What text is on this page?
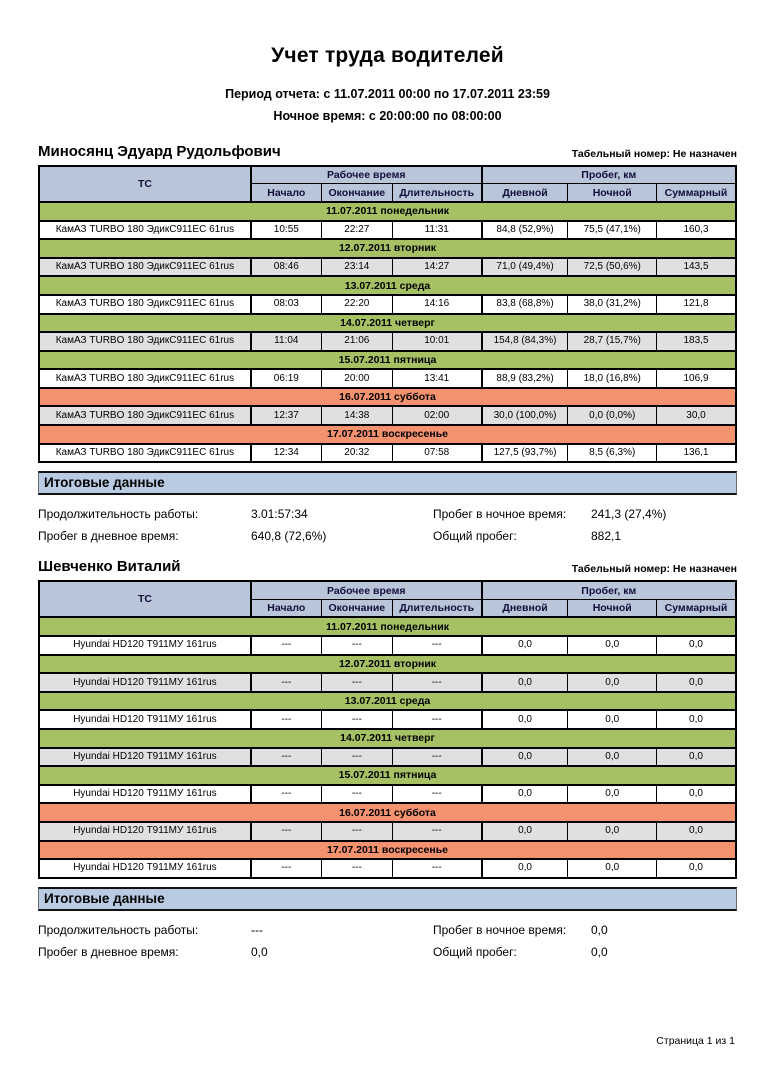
Учет труда водителей
Период отчета: с 11.07.2011 00:00 по 17.07.2011 23:59
Ночное время: с 20:00:00 по 08:00:00
Миносянц Эдуард Рудольфович	Табельный номер: Не назначен
ТС	Рабочее время			Пробег, км		
	Начало	Окончание	Длительность	Дневной	Ночной	Суммарный
11.07.2011 понедельник						
КамАЗ TURBO 180 ЭдикС911ЕС 61rus	10:55	22:27	11:31	84,8 (52,9%)	75,5 (47,1%)	160,3
12.07.2011 вторник						
КамАЗ TURBO 180 ЭдикС911ЕС 61rus	08:46	23:14	14:27	71,0 (49,4%)	72,5 (50,6%)	143,5
13.07.2011 среда						
КамАЗ TURBO 180 ЭдикС911ЕС 61rus	08:03	22:20	14:16	83,8 (68,8%)	38,0 (31,2%)	121,8
14.07.2011 четверг						
КамАЗ TURBO 180 ЭдикС911ЕС 61rus	11:04	21:06	10:01	154,8 (84,3%)	28,7 (15,7%)	183,5
15.07.2011 пятница						
КамАЗ TURBO 180 ЭдикС911ЕС 61rus	06:19	20:00	13:41	88,9 (83,2%)	18,0 (16,8%)	106,9
16.07.2011 суббота						
КамАЗ TURBO 180 ЭдикС911ЕС 61rus	12:37	14:38	02:00	30,0 (100,0%)	0,0 (0,0%)	30,0
17.07.2011 воскресенье						
КамАЗ TURBO 180 ЭдикС911ЕС 61rus	12:34	20:32	07:58	127,5 (93,7%)	8,5 (6,3%)	136,1
Итоговые данные
Продолжительность работы:	3.01:57:34	Пробег в ночное время:	241,3 (27,4%)
Пробег в дневное время:	640,8 (72,6%)	Общий пробег:	882,1
Шевченко Виталий	Табельный номер: Не назначен
ТС	Рабочее время			Пробег, км		
	Начало	Окончание	Длительность	Дневной	Ночной	Суммарный
11.07.2011 понедельник						
Hyundai HD120 Т911МУ 161rus	---	---	---	0,0	0,0	0,0
12.07.2011 вторник						
Hyundai HD120 Т911МУ 161rus	---	---	---	0,0	0,0	0,0
13.07.2011 среда						
Hyundai HD120 Т911МУ 161rus	---	---	---	0,0	0,0	0,0
14.07.2011 четверг						
Hyundai HD120 Т911МУ 161rus	---	---	---	0,0	0,0	0,0
15.07.2011 пятница						
Hyundai HD120 Т911МУ 161rus	---	---	---	0,0	0,0	0,0
16.07.2011 суббота						
Hyundai HD120 Т911МУ 161rus	---	---	---	0,0	0,0	0,0
17.07.2011 воскресенье						
Hyundai HD120 Т911МУ 161rus	---	---	---	0,0	0,0	0,0
Итоговые данные
Продолжительность работы:	---	Пробег в ночное время:	0,0
Пробег в дневное время:	0,0	Общий пробег:	0,0
Страница 1 из 1
